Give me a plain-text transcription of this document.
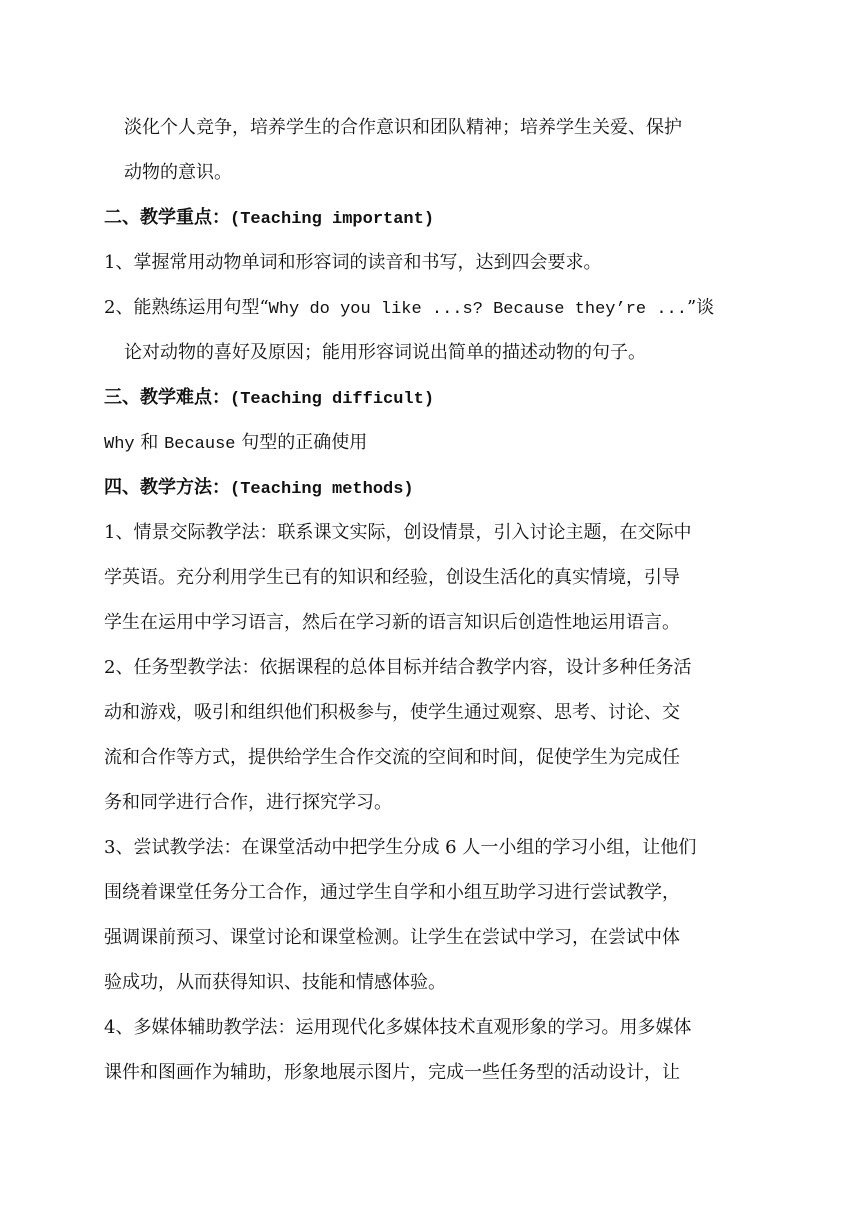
淡化个人竞争，培养学生的合作意识和团队精神；培养学生关爱、保护
动物的意识。
二、教学重点：(Teaching important)
1、掌握常用动物单词和形容词的读音和书写，达到四会要求。
2、能熟练运用句型“Why do you like ...s? Because they’re ...”谈
论对动物的喜好及原因；能用形容词说出简单的描述动物的句子。
三、教学难点：(Teaching difficult)
Why 和 Because 句型的正确使用
四、教学方法：(Teaching methods)
1、情景交际教学法：联系课文实际，创设情景，引入讨论主题，在交际中
学英语。充分利用学生已有的知识和经验，创设生活化的真实情境，引导
学生在运用中学习语言，然后在学习新的语言知识后创造性地运用语言。
2、任务型教学法：依据课程的总体目标并结合教学内容，设计多种任务活
动和游戏，吸引和组织他们积极参与，使学生通过观察、思考、讨论、交
流和合作等方式，提供给学生合作交流的空间和时间，促使学生为完成任
务和同学进行合作，进行探究学习。
3、尝试教学法：在课堂活动中把学生分成 6 人一小组的学习小组，让他们
围绕着课堂任务分工合作，通过学生自学和小组互助学习进行尝试教学，
强调课前预习、课堂讨论和课堂检测。让学生在尝试中学习，在尝试中体
验成功，从而获得知识、技能和情感体验。
4、多媒体辅助教学法：运用现代化多媒体技术直观形象的学习。用多媒体
课件和图画作为辅助，形象地展示图片，完成一些任务型的活动设计，让
